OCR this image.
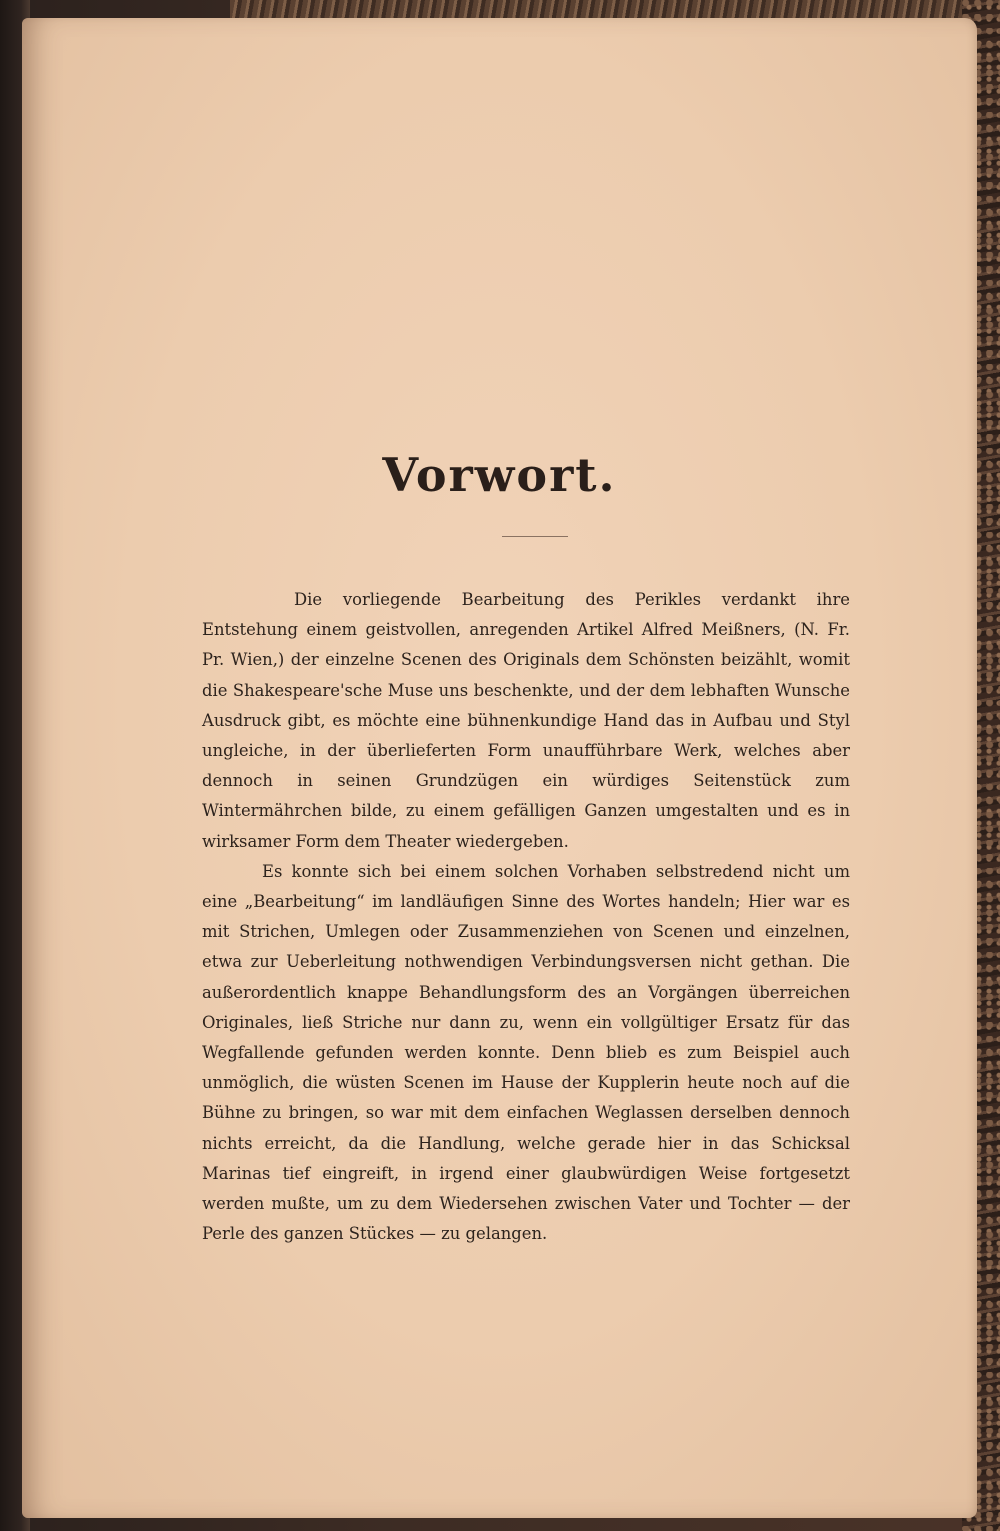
Vorwort.

Die vorliegende Bearbeitung des Perikles verdankt ihre Entstehung einem geistvollen, anregenden Artikel Alfred Meißners, (N. Fr. Pr. Wien,) der einzelne Scenen des Originals dem Schönsten beizählt, womit die Shakespeare'sche Muse uns beschenkte, und der dem lebhaften Wunsche Ausdruck gibt, es möchte eine bühnenkundige Hand das in Aufbau und Styl ungleiche, in der überlieferten Form unaufführbare Werk, welches aber dennoch in seinen Grundzügen ein würdiges Seitenstück zum Wintermährchen bilde, zu einem gefälligen Ganzen umgestalten und es in wirksamer Form dem Theater wiedergeben.

Es konnte sich bei einem solchen Vorhaben selbstredend nicht um eine „Bearbeitung“ im landläufigen Sinne des Wortes handeln; Hier war es mit Strichen, Umlegen oder Zusammenziehen von Scenen und einzelnen, etwa zur Ueberleitung nothwendigen Verbindungsversen nicht gethan. Die außerordentlich knappe Behandlungsform des an Vorgängen überreichen Originales, ließ Striche nur dann zu, wenn ein vollgültiger Ersatz für das Wegfallende gefunden werden konnte. Denn blieb es zum Beispiel auch unmöglich, die wüsten Scenen im Hause der Kupplerin heute noch auf die Bühne zu bringen, so war mit dem einfachen Weglassen derselben dennoch nichts erreicht, da die Handlung, welche gerade hier in das Schicksal Marinas tief eingreift, in irgend einer glaubwürdigen Weise fortgesetzt werden mußte, um zu dem Wiedersehen zwischen Vater und Tochter — der Perle des ganzen Stückes — zu gelangen.
